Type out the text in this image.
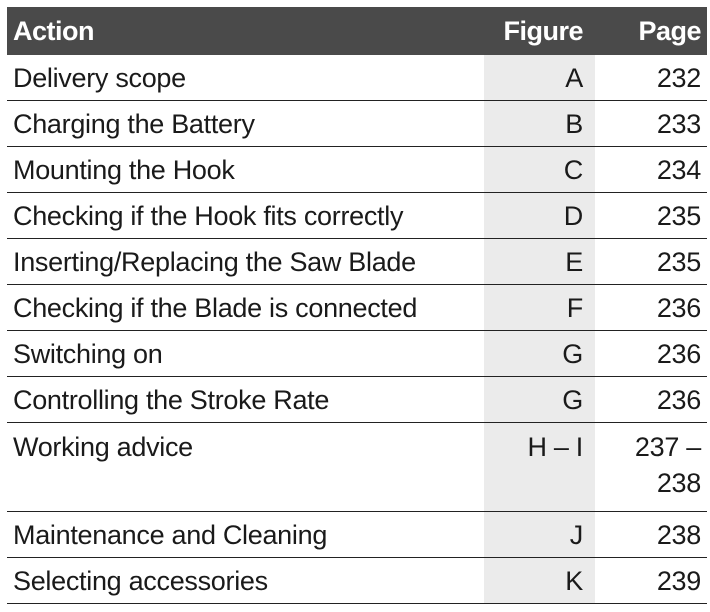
Action	Figure	Page
Delivery scope	A	232
Charging the Battery	B	233
Mounting the Hook	C	234
Checking if the Hook fits correctly	D	235
Inserting/Replacing the Saw Blade	E	235
Checking if the Blade is connected	F	236
Switching on	G	236
Controlling the Stroke Rate	G	236
Working advice	H – I	237 – 238
Maintenance and Cleaning	J	238
Selecting accessories	K	239
